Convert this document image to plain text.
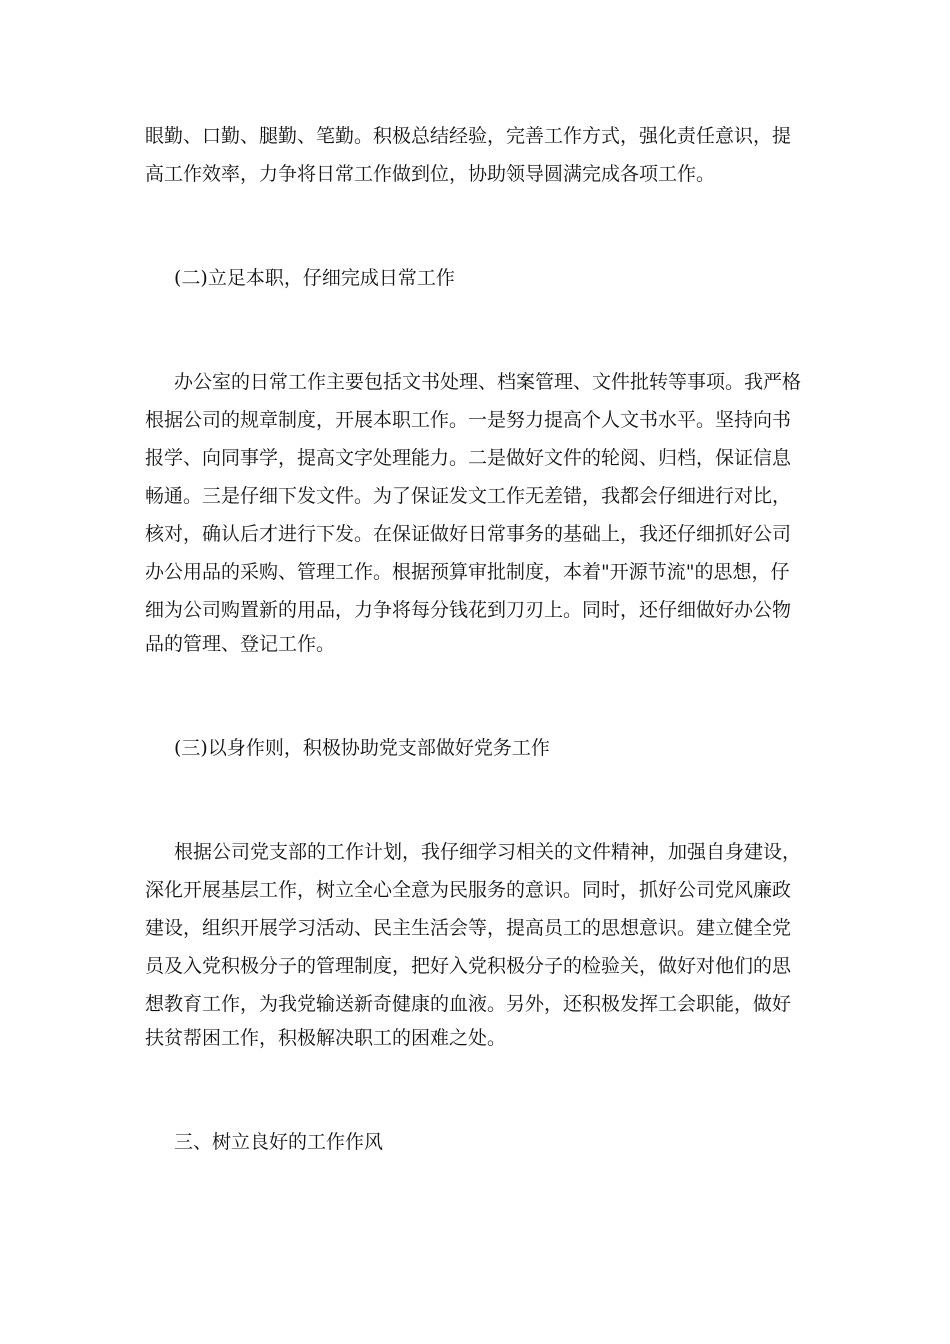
眼勤、口勤、腿勤、笔勤。积极总结经验，完善工作方式，强化责任意识，提
高工作效率，力争将日常工作做到位，协助领导圆满完成各项工作。
(二)立足本职，仔细完成日常工作
办公室的日常工作主要包括文书处理、档案管理、文件批转等事项。我严格
根据公司的规章制度，开展本职工作。一是努力提高个人文书水平。坚持向书
报学、向同事学，提高文字处理能力。二是做好文件的轮阅、归档，保证信息
畅通。三是仔细下发文件。为了保证发文工作无差错，我都会仔细进行对比，
核对，确认后才进行下发。在保证做好日常事务的基础上，我还仔细抓好公司
办公用品的采购、管理工作。根据预算审批制度，本着"开源节流"的思想，仔
细为公司购置新的用品，力争将每分钱花到刀刃上。同时，还仔细做好办公物
品的管理、登记工作。
(三)以身作则，积极协助党支部做好党务工作
根据公司党支部的工作计划，我仔细学习相关的文件精神，加强自身建设，
深化开展基层工作，树立全心全意为民服务的意识。同时，抓好公司党风廉政
建设，组织开展学习活动、民主生活会等，提高员工的思想意识。建立健全党
员及入党积极分子的管理制度，把好入党积极分子的检验关，做好对他们的思
想教育工作，为我党输送新奇健康的血液。另外，还积极发挥工会职能，做好
扶贫帮困工作，积极解决职工的困难之处。
三、树立良好的工作作风
